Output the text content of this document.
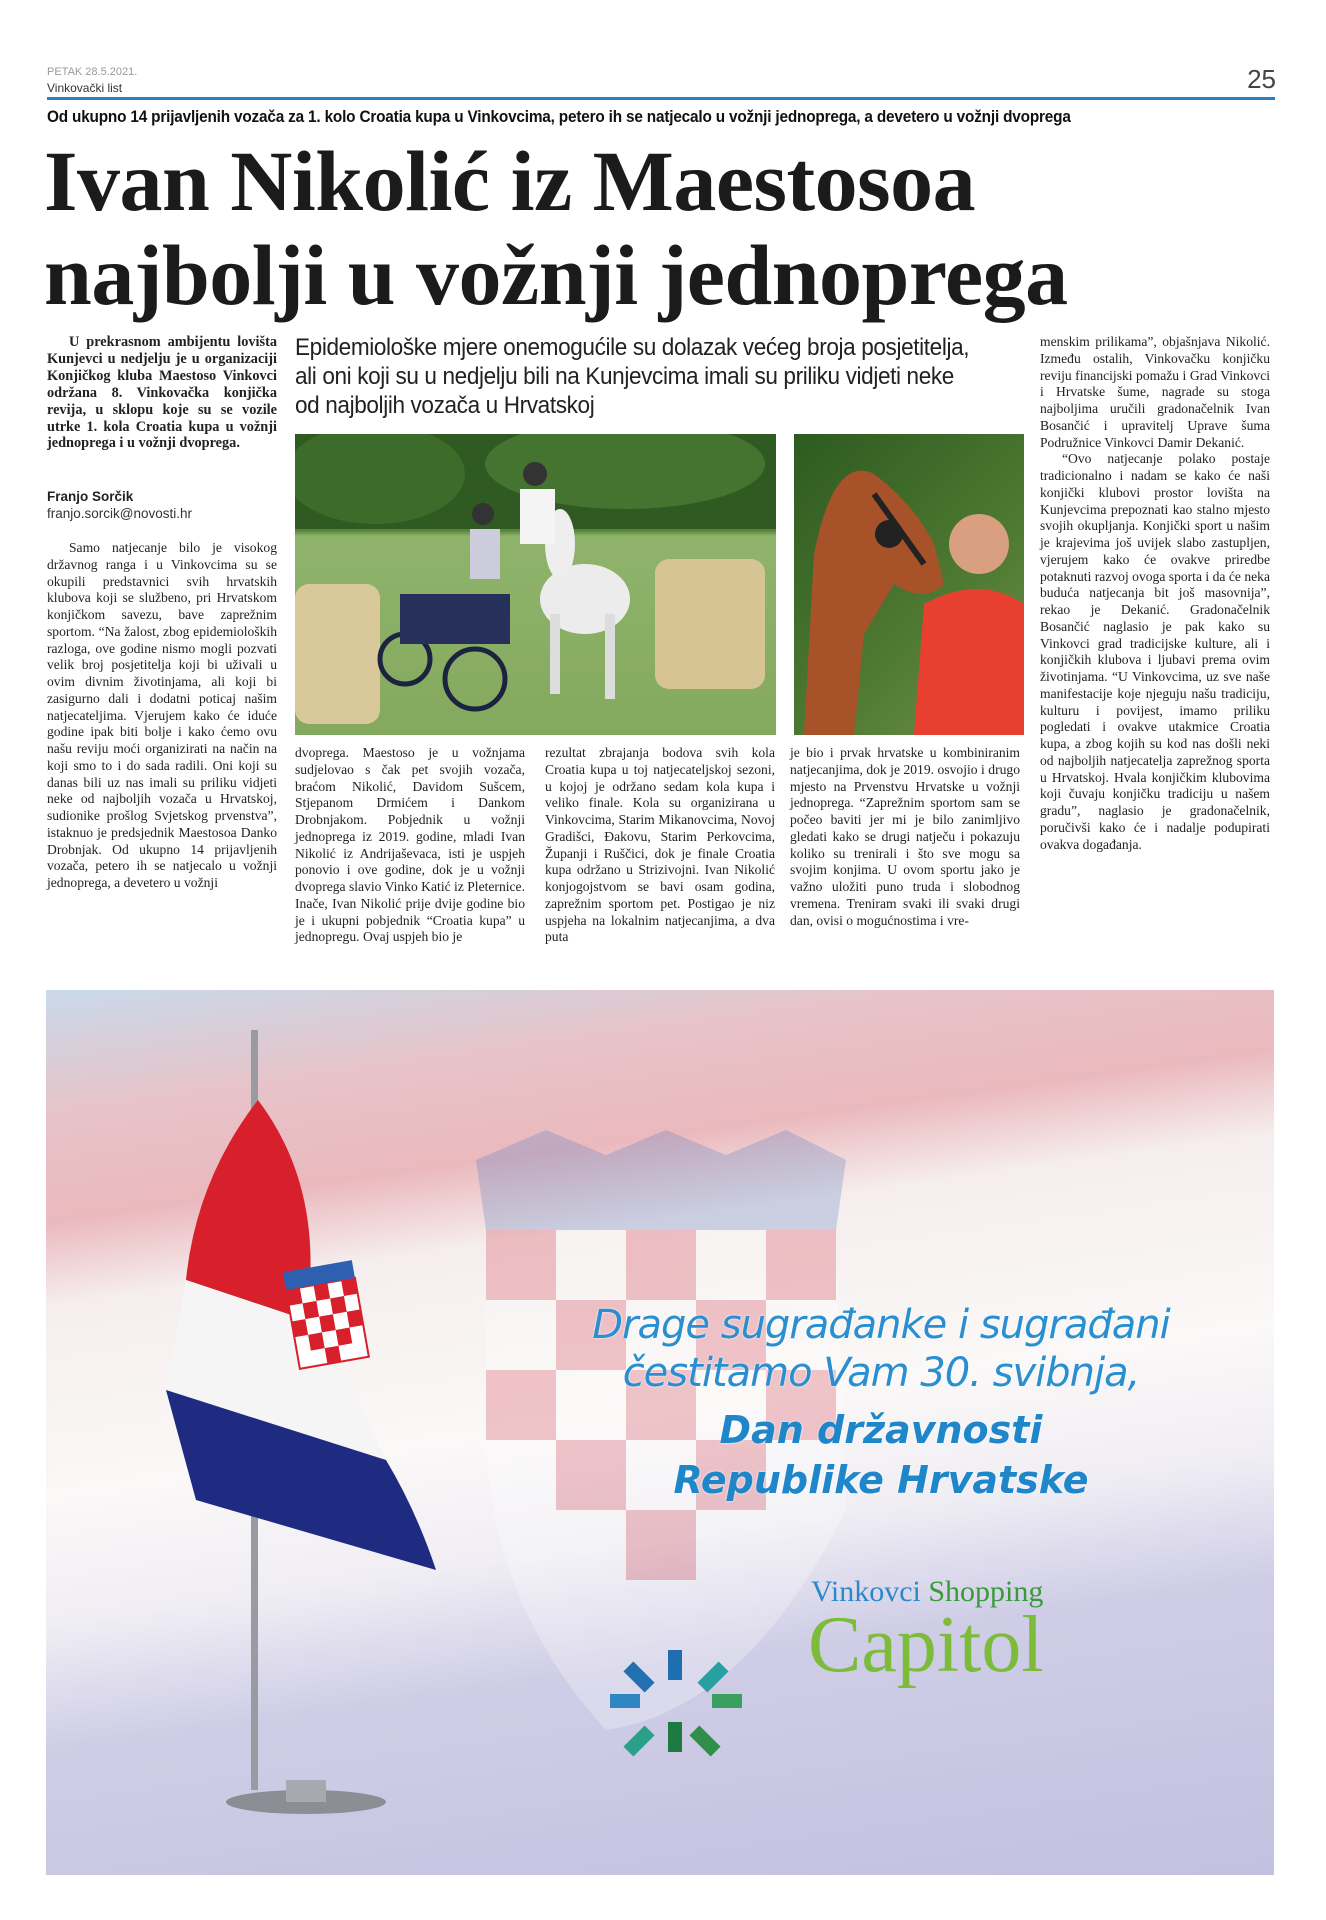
PETAK 28.5.2021.
Vinkovački list	25
Od ukupno 14 prijavljenih vozača za 1. kolo Croatia kupa u Vinkovcima, petero ih se natjecalo u vožnji jednoprega, a devetero u vožnji dvoprega
Ivan Nikolić iz Maestosoa
najbolji u vožnji jednoprega

U prekrasnom ambijentu lovišta Kunjevci u nedjelju je u organizaciji Konjičkog kluba Maestoso Vinkovci održana 8. Vinkovačka konjička revija, u sklopu koje su se vozile utrke 1. kola Croatia kupa u vožnji jednoprega i u vožnji dvoprega.

Franjo Sorčik
franjo.sorcik@novosti.hr

Samo natjecanje bilo je visokog državnog ranga i u Vinkovcima su se okupili predstavnici svih hrvatskih klubova koji se službeno, pri Hrvatskom konjičkom savezu, bave zaprežnim sportom. “Na žalost, zbog epidemioloških razloga, ove godine nismo mogli pozvati velik broj posjetitelja koji bi uživali u ovim divnim životinjama, ali koji bi zasigurno dali i dodatni poticaj našim natjecateljima. Vjerujem kako će iduće godine ipak biti bolje i kako ćemo ovu našu reviju moći organizirati na način na koji smo to i do sada radili. Oni koji su danas bili uz nas imali su priliku vidjeti neke od najboljih vozača u Hrvatskoj, sudionike prošlog Svjetskog prvenstva”, istaknuo je predsjednik Maestosoa Danko Drobnjak. Od ukupno 14 prijavljenih vozača, petero ih se natjecalo u vožnji jednoprega, a devetero u vožnji

Epidemiološke mjere onemogućile su dolazak većeg broja posjetitelja, ali oni koji su u nedjelju bili na Kunjevcima imali su priliku vidjeti neke od najboljih vozača u Hrvatskoj

dvoprega. Maestoso je u vožnjama sudjelovao s čak pet svojih vozača, braćom Nikolić, Davidom Sušcem, Stjepanom Drmićem i Dankom Drobnjakom. Pobjednik u vožnji jednoprega iz 2019. godine, mladi Ivan Nikolić iz Andrijaševaca, isti je uspjeh ponovio i ove godine, dok je u vožnji dvoprega slavio Vinko Katić iz Pleternice. Inače, Ivan Nikolić prije dvije godine bio je i ukupni pobjednik “Croatia kupa” u jednopregu. Ovaj uspjeh bio je

rezultat zbrajanja bodova svih kola Croatia kupa u toj natjecateljskoj sezoni, u kojoj je održano sedam kola kupa i veliko finale. Kola su organizirana u Vinkovcima, Starim Mikanovcima, Novoj Gradišci, Đakovu, Starim Perkovcima, Županji i Ruščici, dok je finale Croatia kupa održano u Strizivojni. Ivan Nikolić konjogojstvom se bavi osam godina, zaprežnim sportom pet. Postigao je niz uspjeha na lokalnim natjecanjima, a dva puta

je bio i prvak hrvatske u kombiniranim natjecanjima, dok je 2019. osvojio i drugo mjesto na Prvenstvu Hrvatske u vožnji jednoprega. “Zaprežnim sportom sam se počeo baviti jer mi je bilo zanimljivo gledati kako se drugi natječu i pokazuju koliko su trenirali i što sve mogu sa svojim konjima. U ovom sportu jako je važno uložiti puno truda i slobodnog vremena. Treniram svaki ili svaki drugi dan, ovisi o mogućnostima i vre-

menskim prilikama”, objašnjava Nikolić. Između ostalih, Vinkovačku konjičku reviju financijski pomažu i Grad Vinkovci i Hrvatske šume, nagrade su stoga najboljima uručili gradonačelnik Ivan Bosančić i upravitelj Uprave šuma Podružnice Vinkovci Damir Dekanić.

“Ovo natjecanje polako postaje tradicionalno i nadam se kako će naši konjički klubovi prostor lovišta na Kunjevcima prepoznati kao stalno mjesto svojih okupljanja. Konjički sport u našim je krajevima još uvijek slabo zastupljen, vjerujem kako će ovakve priredbe potaknuti razvoj ovoga sporta i da će neka buduća natjecanja bit još masovnija”, rekao je Dekanić. Gradonačelnik Bosančić naglasio je pak kako su Vinkovci grad tradicijske kulture, ali i konjičkih klubova i ljubavi prema ovim životinjama. “U Vinkovcima, uz sve naše manifestacije koje njeguju našu tradiciju, kulturu i povijest, imamo priliku pogledati i ovakve utakmice Croatia kupa, a zbog kojih su kod nas došli neki od najboljih natjecatelja zaprežnog sporta u Hrvatskoj. Hvala konjičkim klubovima koji čuvaju konjičku tradiciju u našem gradu”, naglasio je gradonačelnik, poručivši kako će i nadalje podupirati ovakva događanja.

Drage sugrađanke i sugrađani
čestitamo Vam 30. svibnja,
Dan državnosti
Republike Hrvatske
Vinkovci Shopping
Capitol
